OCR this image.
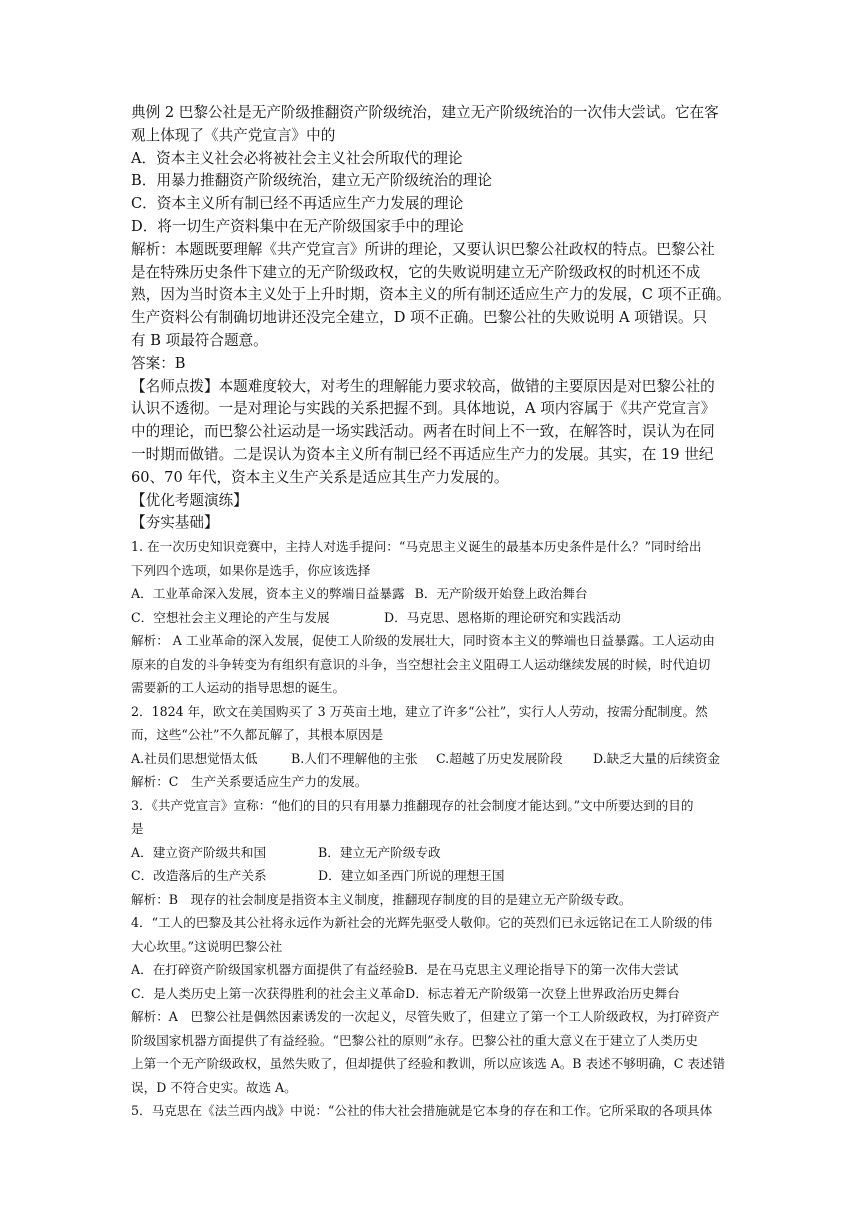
典例 2 巴黎公社是无产阶级推翻资产阶级统治，建立无产阶级统治的一次伟大尝试。它在客

观上体现了《共产党宣言》中的

A．资本主义社会必将被社会主义社会所取代的理论

B．用暴力推翻资产阶级统治，建立无产阶级统治的理论

C．资本主义所有制已经不再适应生产力发展的理论

D．将一切生产资料集中在无产阶级国家手中的理论

解析：本题既要理解《共产党宣言》所讲的理论，又要认识巴黎公社政权的特点。巴黎公社

是在特殊历史条件下建立的无产阶级政权，它的失败说明建立无产阶级政权的时机还不成

熟，因为当时资本主义处于上升时期，资本主义的所有制还适应生产力的发展，C 项不正确。

生产资料公有制确切地讲还没完全建立，D 项不正确。巴黎公社的失败说明 A 项错误。只

有 B 项最符合题意。

答案：B

【名师点拨】本题难度较大，对考生的理解能力要求较高，做错的主要原因是对巴黎公社的

认识不透彻。一是对理论与实践的关系把握不到。具体地说，A 项内容属于《共产党宣言》

中的理论，而巴黎公社运动是一场实践活动。两者在时间上不一致，在解答时，误认为在同

一时期而做错。二是误认为资本主义所有制已经不再适应生产力的发展。其实，在 19 世纪

60、70 年代，资本主义生产关系是适应其生产力发展的。

【优化考题演练】

【夯实基础】

1. 在一次历史知识竞赛中，主持人对选手提问：“马克思主义诞生的最基本历史条件是什么？”同时给出

下列四个选项，如果你是选手，你应该选择

A．工业革命深入发展，资本主义的弊端日益暴露 B．无产阶级开始登上政治舞台

C．空想社会主义理论的产生与发展	D．马克思、恩格斯的理论研究和实践活动

解析： A 工业革命的深入发展，促使工人阶级的发展壮大，同时资本主义的弊端也日益暴露。工人运动由

原来的自发的斗争转变为有组织有意识的斗争，当空想社会主义阻碍工人运动继续发展的时候，时代迫切

需要新的工人运动的指导思想的诞生。

2．1824 年，欧文在美国购买了 3 万英亩土地，建立了许多“公社”，实行人人劳动，按需分配制度。然

而，这些“公社”不久都瓦解了，其根本原因是

A.社员们思想觉悟太低	B.人们不理解他的主张	C.超越了历史发展阶段	D.缺乏大量的后续资金

解析：C　生产关系要适应生产力的发展。

3．《共产党宣言》宣称：“他们的目的只有用暴力推翻现存的社会制度才能达到。”文中所要达到的目的

是

A．建立资产阶级共和国	B．建立无产阶级专政

C．改造落后的生产关系	D．建立如圣西门所说的理想王国

解析：B　现存的社会制度是指资本主义制度，推翻现存制度的目的是建立无产阶级专政。

4．“工人的巴黎及其公社将永远作为新社会的光辉先驱受人敬仰。它的英烈们已永远铭记在工人阶级的伟

大心坎里。”这说明巴黎公社

A．在打碎资产阶级国家机器方面提供了有益经验 B．是在马克思主义理论指导下的第一次伟大尝试

C．是人类历史上第一次获得胜利的社会主义革命 D．标志着无产阶级第一次登上世界政治历史舞台

解析：A　巴黎公社是偶然因素诱发的一次起义，尽管失败了，但建立了第一个工人阶级政权，为打碎资产

阶级国家机器方面提供了有益经验。“巴黎公社的原则”永存。巴黎公社的重大意义在于建立了人类历史

上第一个无产阶级政权，虽然失败了，但却提供了经验和教训，所以应该选 A。B 表述不够明确，C 表述错

误，D 不符合史实。故选 A。

5．马克思在《法兰西内战》中说：“公社的伟大社会措施就是它本身的存在和工作。它所采取的各项具体
